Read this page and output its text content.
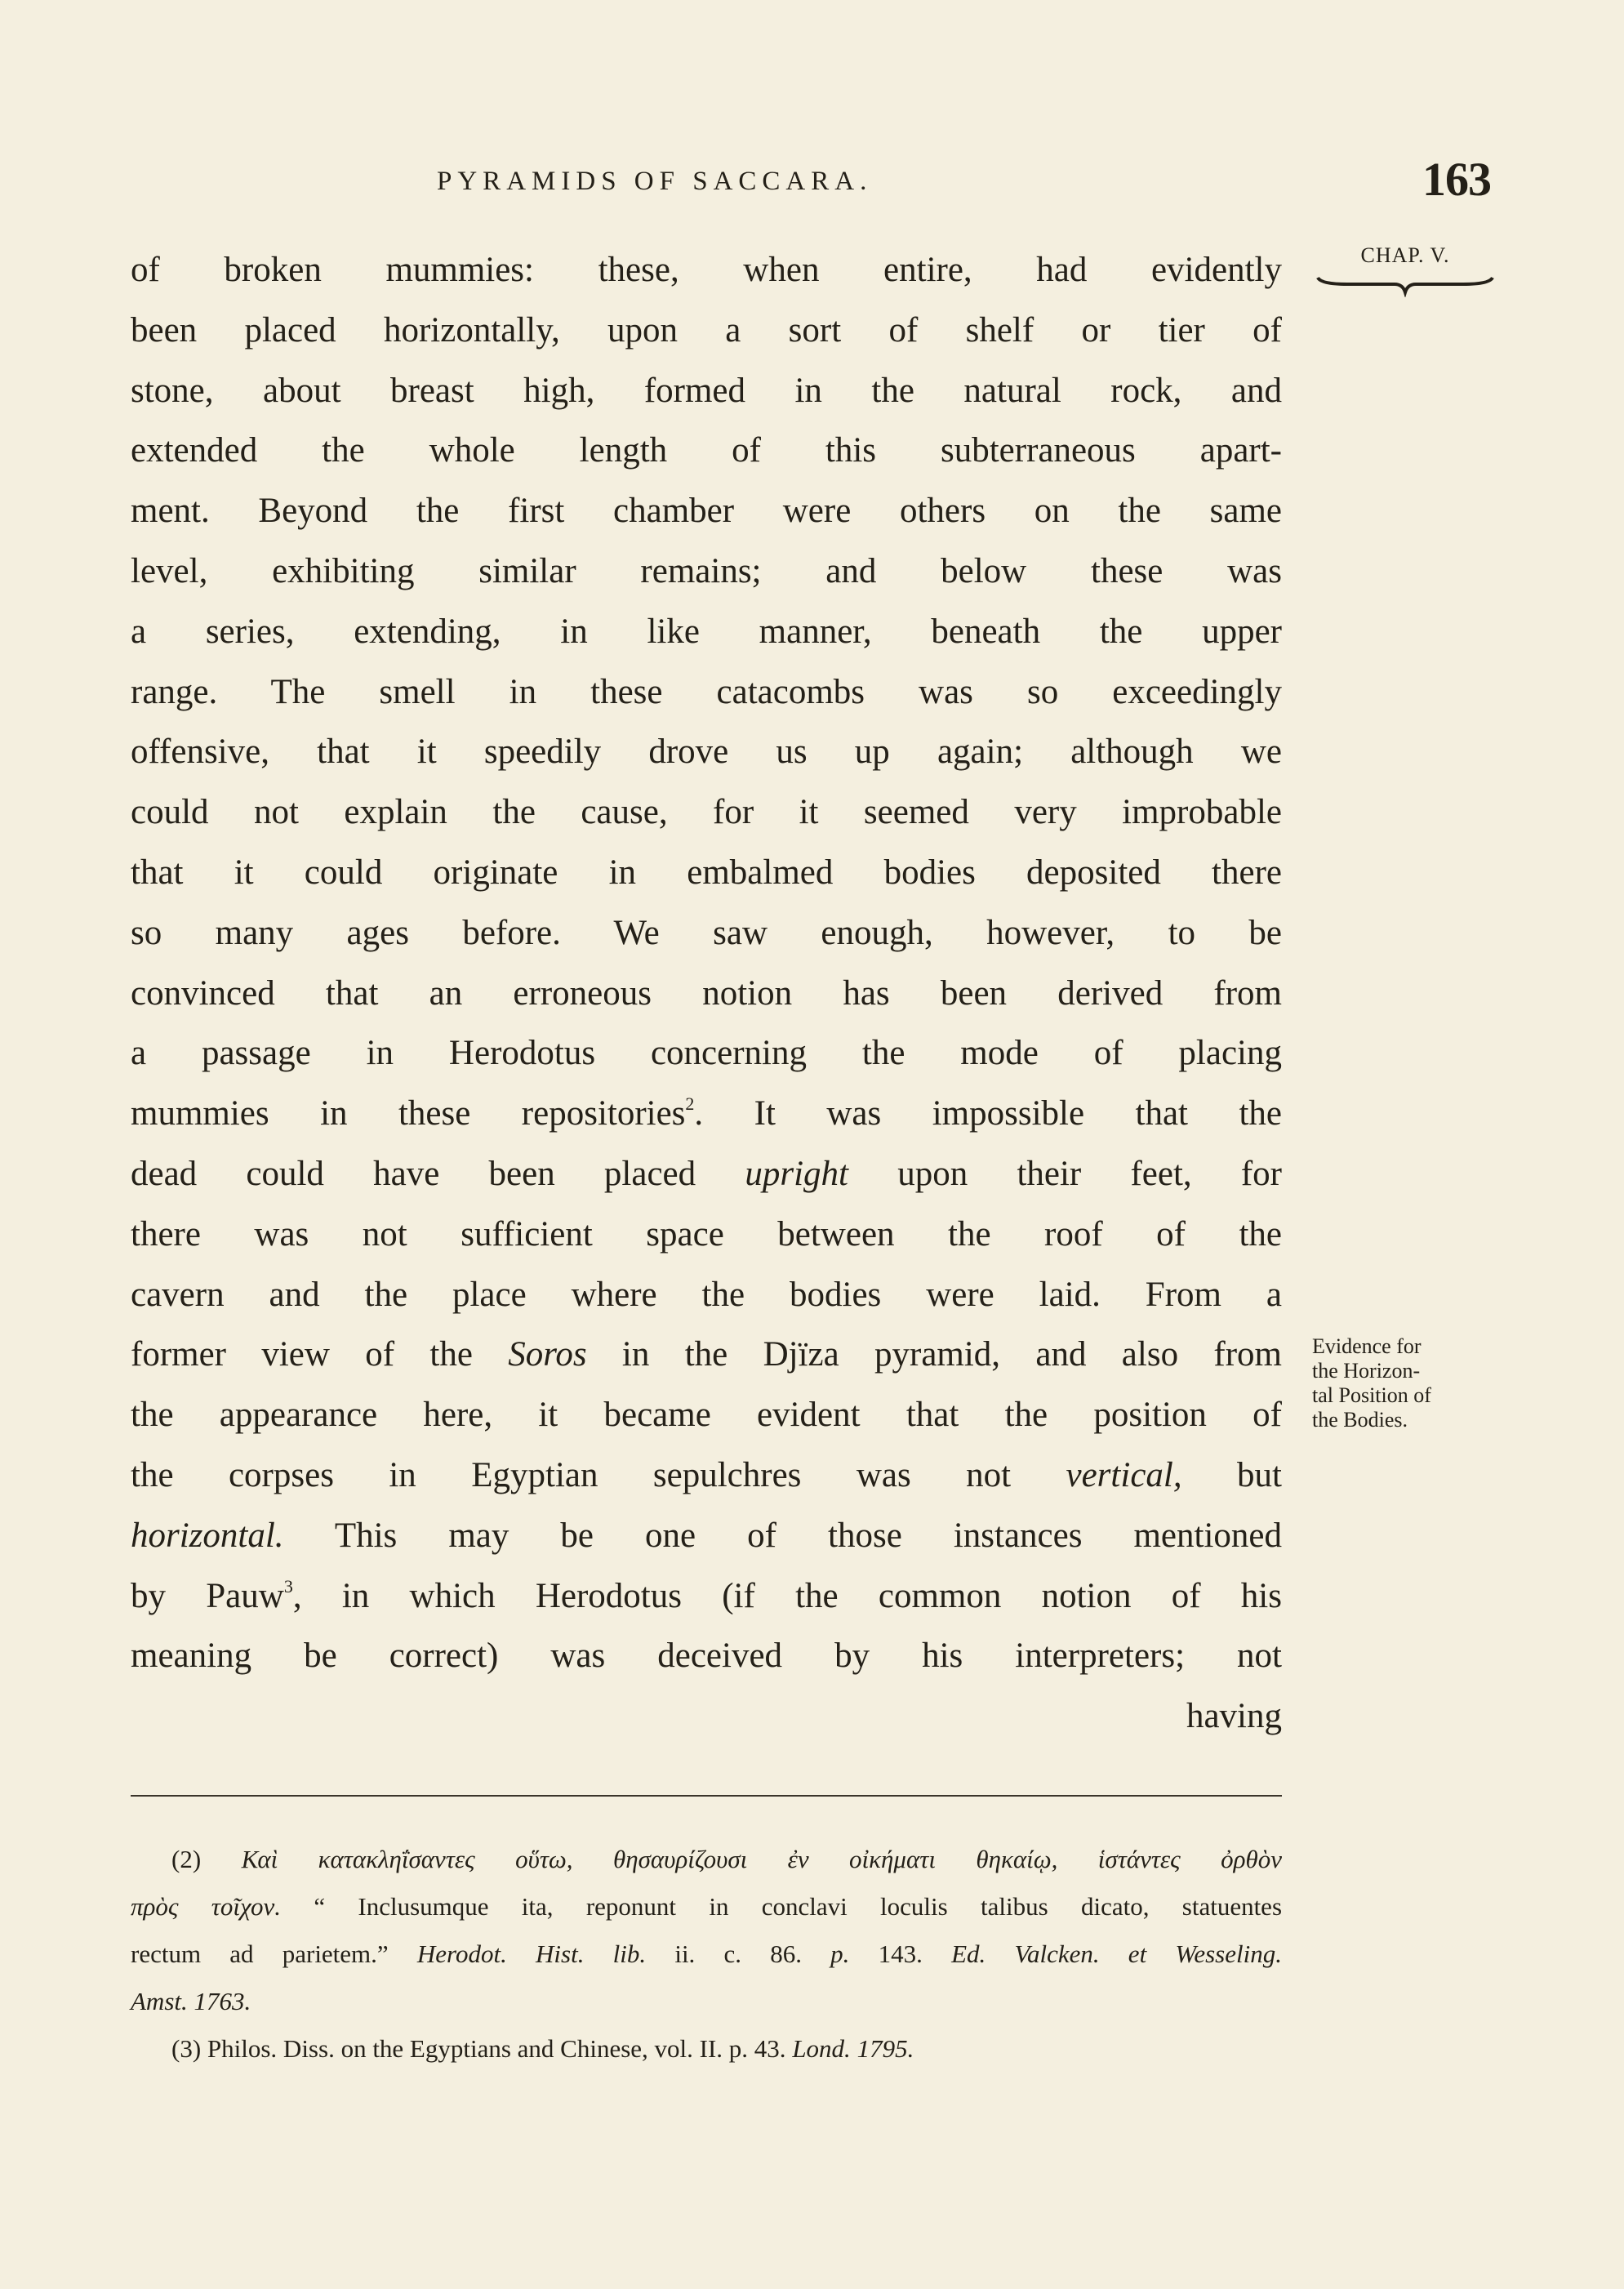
PYRAMIDS OF SACCARA.	163
CHAP. V.
of broken mummies: these, when entire, had evidently
been placed horizontally, upon a sort of shelf or tier of
stone, about breast high, formed in the natural rock, and
extended the whole length of this subterraneous apart-
ment. Beyond the first chamber were others on the same
level, exhibiting similar remains; and below these was
a series, extending, in like manner, beneath the upper
range. The smell in these catacombs was so exceedingly
offensive, that it speedily drove us up again; although we
could not explain the cause, for it seemed very improbable
that it could originate in embalmed bodies deposited there
so many ages before. We saw enough, however, to be
convinced that an erroneous notion has been derived from
a passage in Herodotus concerning the mode of placing
mummies in these repositories$^2$. It was impossible that the
dead could have been placed upright upon their feet, for
there was not sufficient space between the roof of the
cavern and the place where the bodies were laid. From a
former view of the Soros in the Djïza pyramid, and also from
the appearance here, it became evident that the position of
the corpses in Egyptian sepulchres was not vertical, but
horizontal. This may be one of those instances mentioned
by Pauw$^3$, in which Herodotus (if the common notion of his
meaning be correct) was deceived by his interpreters; not
having
Evidence for
the Horizon-
tal Position of
the Bodies.
(2) Καὶ κατακληΐσαντες οὕτω, θησαυρίζουσι ἐν οἰκήματι θηκαίῳ, ἱστάντες ὀρθὸν
πρὸς τοῖχον. “ Inclusumque ita, reponunt in conclavi loculis talibus dicato, statuentes
rectum ad parietem.” Herodot. Hist. lib. ii. c. 86. p. 143. Ed. Valcken. et Wesseling.
Amst. 1763.
(3) Philos. Diss. on the Egyptians and Chinese, vol. II. p. 43. Lond. 1795.
